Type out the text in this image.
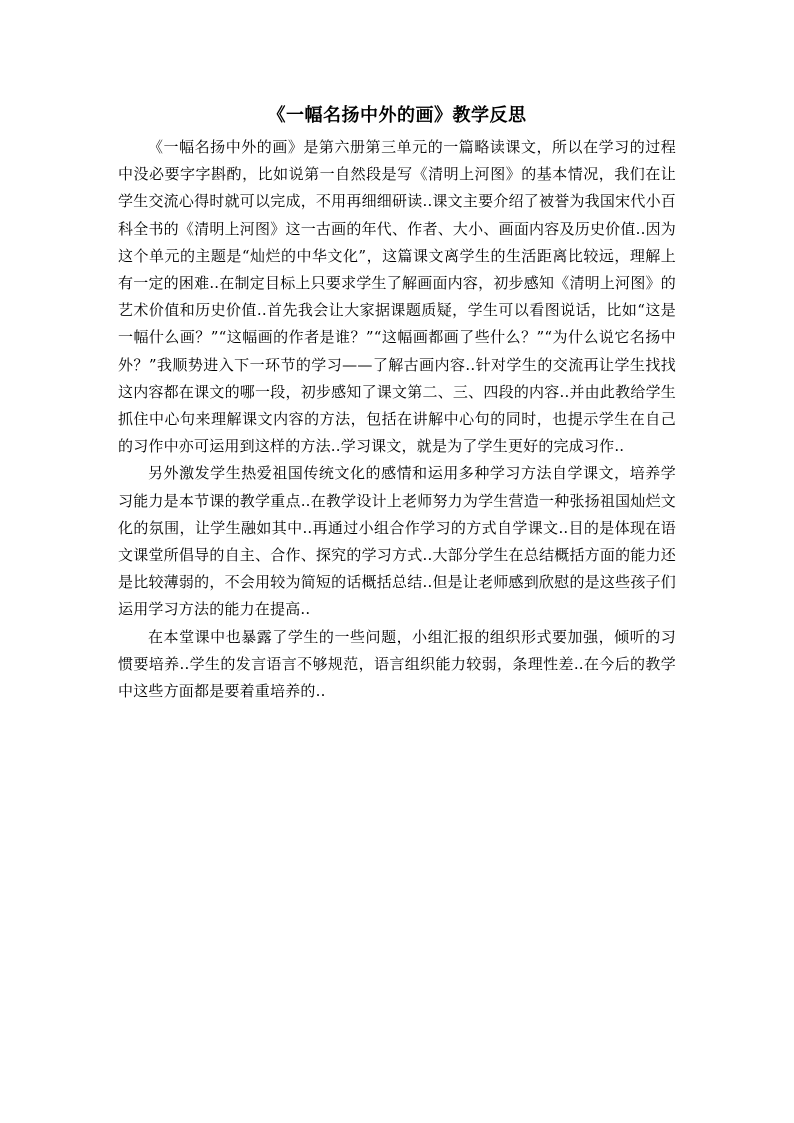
《一幅名扬中外的画》教学反思

《一幅名扬中外的画》是第六册第三单元的一篇略读课文，所以在学习的过程中没必要字字斟酌，比如说第一自然段是写《清明上河图》的基本情况，我们在让学生交流心得时就可以完成，不用再细细研读..课文主要介绍了被誉为我国宋代小百科全书的《清明上河图》这一古画的年代、作者、大小、画面内容及历史价值..因为这个单元的主题是“灿烂的中华文化”，这篇课文离学生的生活距离比较远，理解上有一定的困难..在制定目标上只要求学生了解画面内容，初步感知《清明上河图》的艺术价值和历史价值..首先我会让大家据课题质疑，学生可以看图说话，比如“这是一幅什么画？”“这幅画的作者是谁？”“这幅画都画了些什么？”“为什么说它名扬中外？”我顺势进入下一环节的学习——了解古画内容..针对学生的交流再让学生找找这内容都在课文的哪一段，初步感知了课文第二、三、四段的内容..并由此教给学生抓住中心句来理解课文内容的方法，包括在讲解中心句的同时，也提示学生在自己的习作中亦可运用到这样的方法..学习课文，就是为了学生更好的完成习作..

另外激发学生热爱祖国传统文化的感情和运用多种学习方法自学课文，培养学习能力是本节课的教学重点..在教学设计上老师努力为学生营造一种张扬祖国灿烂文化的氛围，让学生融如其中..再通过小组合作学习的方式自学课文..目的是体现在语文课堂所倡导的自主、合作、探究的学习方式..大部分学生在总结概括方面的能力还是比较薄弱的，不会用较为简短的话概括总结..但是让老师感到欣慰的是这些孩子们运用学习方法的能力在提高..

在本堂课中也暴露了学生的一些问题，小组汇报的组织形式要加强，倾听的习惯要培养..学生的发言语言不够规范，语言组织能力较弱，条理性差..在今后的教学中这些方面都是要着重培养的..
